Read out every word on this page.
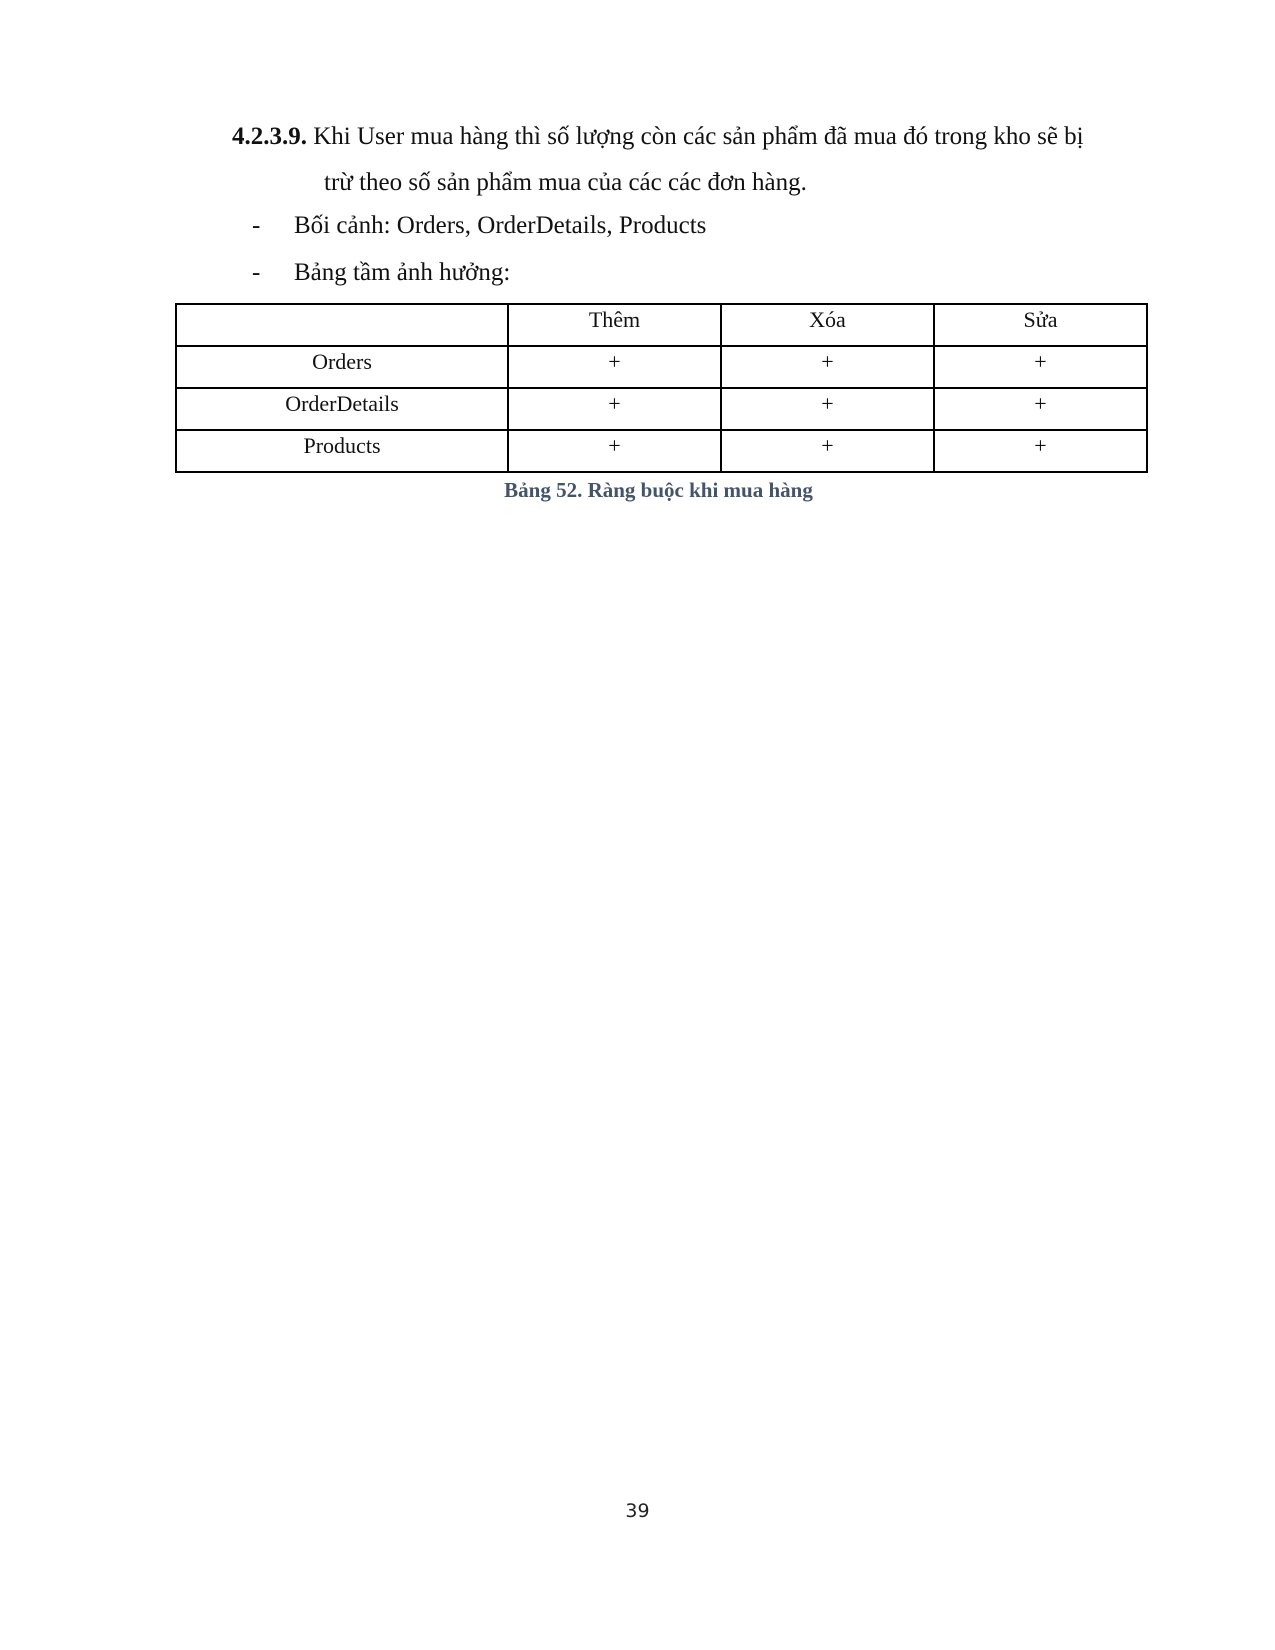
4.2.3.9. Khi User mua hàng thì số lượng còn các sản phẩm đã mua đó trong kho sẽ bị
trừ theo số sản phẩm mua của các các đơn hàng.
- Bối cảnh: Orders, OrderDetails, Products
- Bảng tầm ảnh hưởng:
	Thêm	Xóa	Sửa
Orders	+	+	+
OrderDetails	+	+	+
Products	+	+	+
Bảng 52. Ràng buộc khi mua hàng
39
